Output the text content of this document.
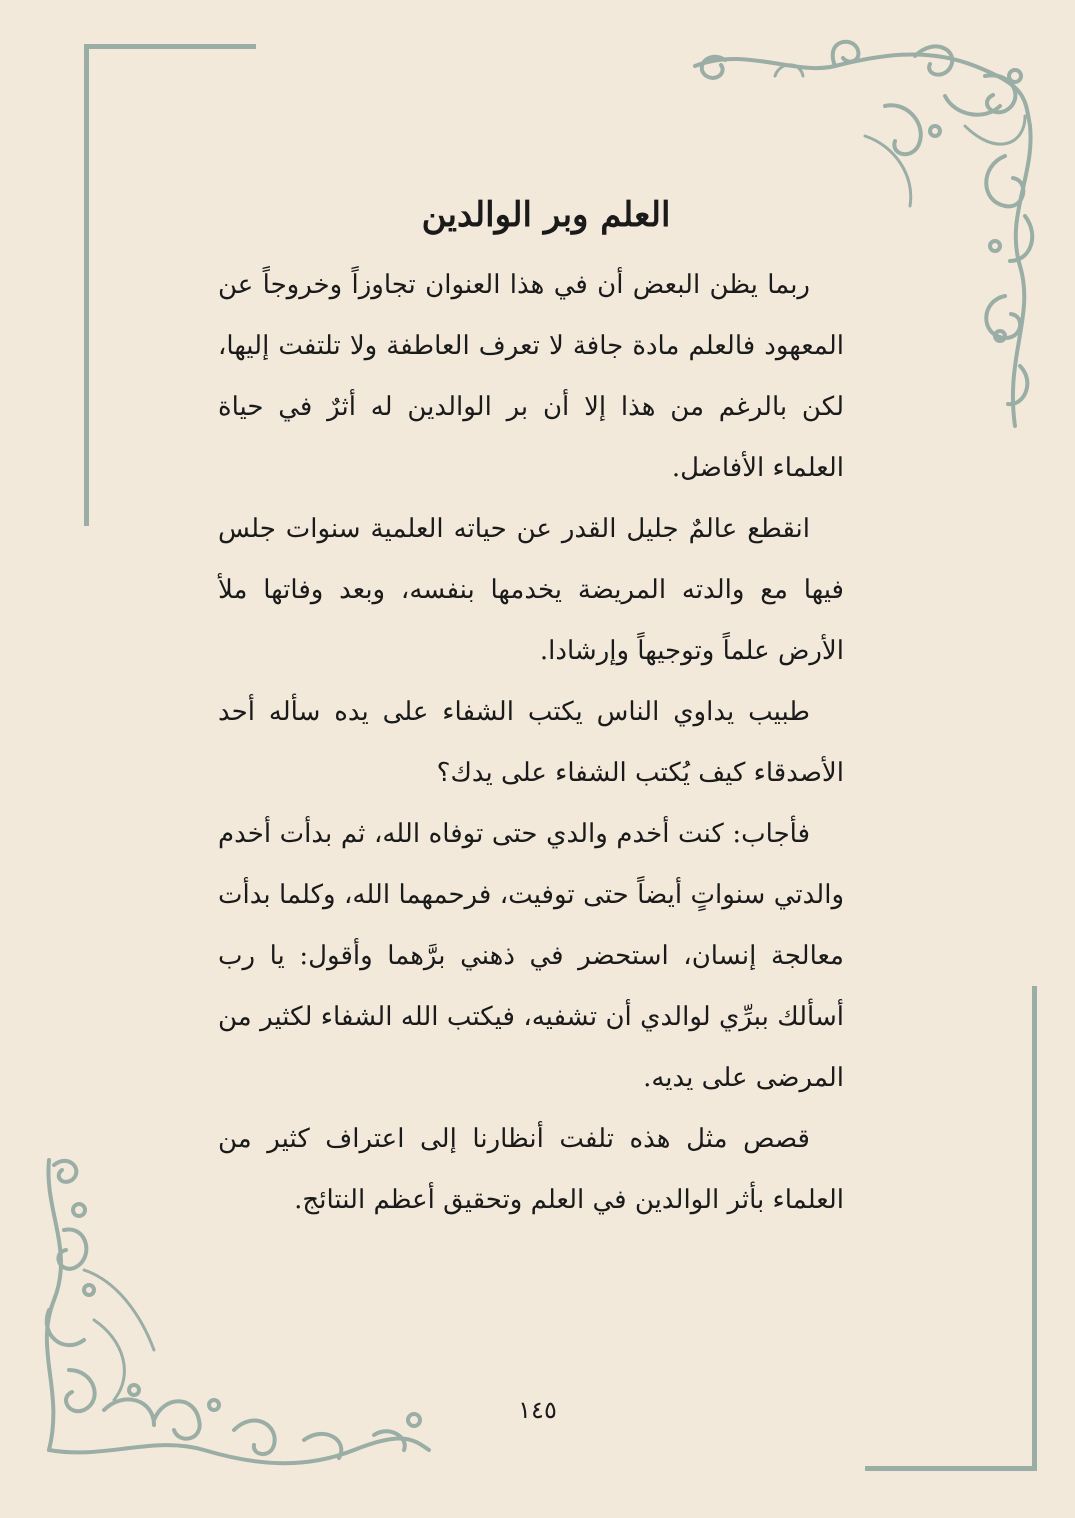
العلم وبر الوالدين

ربما يظن البعض أن في هذا العنوان تجاوزاً وخروجاً عن المعهود فالعلم مادة جافة لا تعرف العاطفة ولا تلتفت إليها، لكن بالرغم من هذا إلا أن بر الوالدين له أثرٌ في حياة العلماء الأفاضل.

انقطع عالمٌ جليل القدر عن حياته العلمية سنوات جلس فيها مع والدته المريضة يخدمها بنفسه، وبعد وفاتها ملأ الأرض علماً وتوجيهاً وإرشادا.

طبيب يداوي الناس يكتب الشفاء على يده سأله أحد الأصدقاء كيف يُكتب الشفاء على يدك؟

فأجاب: كنت أخدم والدي حتى توفاه الله، ثم بدأت أخدم والدتي سنواتٍ أيضاً حتى توفيت، فرحمهما الله، وكلما بدأت معالجة إنسان، استحضر في ذهني برَّهما وأقول: يا رب أسألك ببرِّي لوالدي أن تشفيه، فيكتب الله الشفاء لكثير من المرضى على يديه.

قصص مثل هذه تلفت أنظارنا إلى اعتراف كثير من العلماء بأثر الوالدين في العلم وتحقيق أعظم النتائج.

١٤٥
